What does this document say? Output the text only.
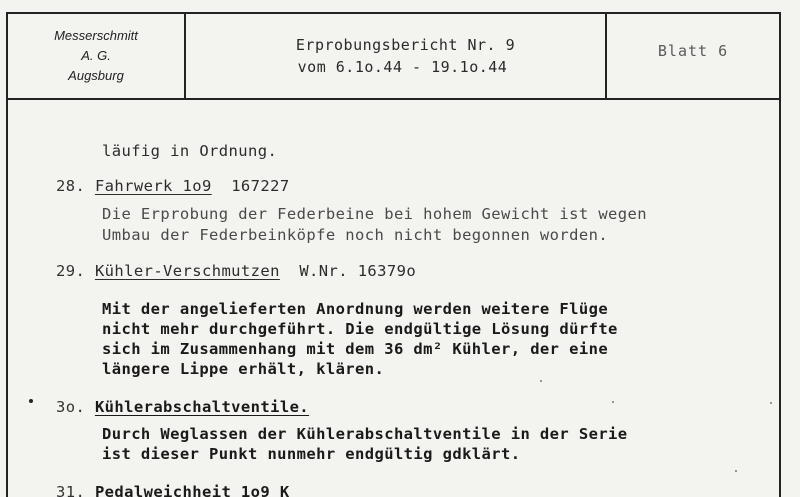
Messerschmitt
A. G.
Augsburg
Erprobungsbericht Nr. 9
vom 6.1o.44 - 19.1o.44
Blatt 6
läufig in Ordnung.
28. Fahrwerk 1o9 167227
Die Erprobung der Federbeine bei hohem Gewicht ist wegen
Umbau der Federbeinköpfe noch nicht begonnen worden.
29. Kühler-Verschmutzen W.Nr. 16379o
Mit der angelieferten Anordnung werden weitere Flüge
nicht mehr durchgeführt. Die endgültige Lösung dürfte
sich im Zusammenhang mit dem 36 dm² Kühler, der eine
längere Lippe erhält, klären.
3o. Kühlerabschaltventile.
Durch Weglassen der Kühlerabschaltventile in der Serie
ist dieser Punkt nunmehr endgültig gdklärt.
31. Pedalweichheit 1o9 K
